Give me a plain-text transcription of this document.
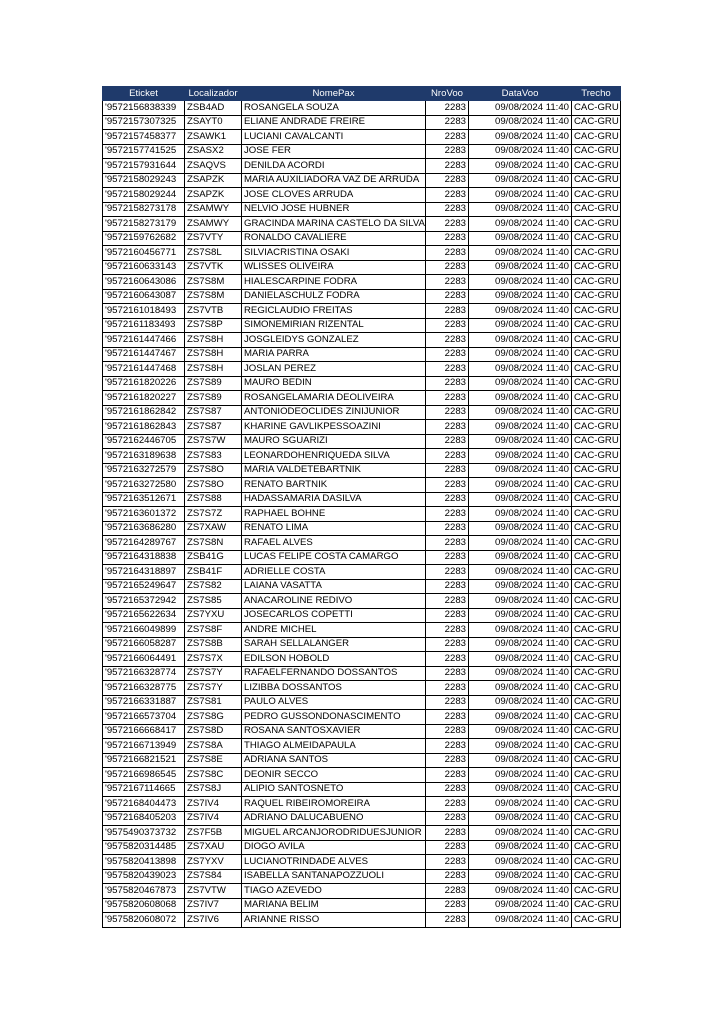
Eticket	Localizador	NomePax	NroVoo	DataVoo	Trecho
'9572156838339	ZSB4AD	ROSANGELA SOUZA	2283	09/08/2024 11:40	CAC-GRU
'9572157307325	ZSAYT0	ELIANE ANDRADE FREIRE	2283	09/08/2024 11:40	CAC-GRU
'9572157458377	ZSAWK1	LUCIANI CAVALCANTI	2283	09/08/2024 11:40	CAC-GRU
'9572157741525	ZSASX2	JOSE FER	2283	09/08/2024 11:40	CAC-GRU
'9572157931644	ZSAQVS	DENILDA ACORDI	2283	09/08/2024 11:40	CAC-GRU
'9572158029243	ZSAPZK	MARIA AUXILIADORA VAZ DE ARRUDA	2283	09/08/2024 11:40	CAC-GRU
'9572158029244	ZSAPZK	JOSE CLOVES ARRUDA	2283	09/08/2024 11:40	CAC-GRU
'9572158273178	ZSAMWY	NELVIO JOSE HUBNER	2283	09/08/2024 11:40	CAC-GRU
'9572158273179	ZSAMWY	GRACINDA MARINA CASTELO DA SILVA	2283	09/08/2024 11:40	CAC-GRU
'9572159762682	ZS7VTY	RONALDO CAVALIERE	2283	09/08/2024 11:40	CAC-GRU
'9572160456771	ZS7S8L	SILVIACRISTINA OSAKI	2283	09/08/2024 11:40	CAC-GRU
'9572160633143	ZS7VTK	WLISSES OLIVEIRA	2283	09/08/2024 11:40	CAC-GRU
'9572160643086	ZS7S8M	HIALESCARPINE FODRA	2283	09/08/2024 11:40	CAC-GRU
'9572160643087	ZS7S8M	DANIELASCHULZ FODRA	2283	09/08/2024 11:40	CAC-GRU
'9572161018493	ZS7VTB	REGICLAUDIO FREITAS	2283	09/08/2024 11:40	CAC-GRU
'9572161183493	ZS7S8P	SIMONEMIRIAN RIZENTAL	2283	09/08/2024 11:40	CAC-GRU
'9572161447466	ZS7S8H	JOSGLEIDYS GONZALEZ	2283	09/08/2024 11:40	CAC-GRU
'9572161447467	ZS7S8H	MARIA PARRA	2283	09/08/2024 11:40	CAC-GRU
'9572161447468	ZS7S8H	JOSLAN PEREZ	2283	09/08/2024 11:40	CAC-GRU
'9572161820226	ZS7S89	MAURO BEDIN	2283	09/08/2024 11:40	CAC-GRU
'9572161820227	ZS7S89	ROSANGELAMARIA DEOLIVEIRA	2283	09/08/2024 11:40	CAC-GRU
'9572161862842	ZS7S87	ANTONIODEOCLIDES ZINIJUNIOR	2283	09/08/2024 11:40	CAC-GRU
'9572161862843	ZS7S87	KHARINE GAVLIKPESSOAZINI	2283	09/08/2024 11:40	CAC-GRU
'9572162446705	ZS7S7W	MAURO SGUARIZI	2283	09/08/2024 11:40	CAC-GRU
'9572163189638	ZS7S83	LEONARDOHENRIQUEDA SILVA	2283	09/08/2024 11:40	CAC-GRU
'9572163272579	ZS7S8O	MARIA VALDETEBARTNIK	2283	09/08/2024 11:40	CAC-GRU
'9572163272580	ZS7S8O	RENATO BARTNIK	2283	09/08/2024 11:40	CAC-GRU
'9572163512671	ZS7S88	HADASSAMARIA DASILVA	2283	09/08/2024 11:40	CAC-GRU
'9572163601372	ZS7S7Z	RAPHAEL BOHNE	2283	09/08/2024 11:40	CAC-GRU
'9572163686280	ZS7XAW	RENATO LIMA	2283	09/08/2024 11:40	CAC-GRU
'9572164289767	ZS7S8N	RAFAEL ALVES	2283	09/08/2024 11:40	CAC-GRU
'9572164318838	ZSB41G	LUCAS FELIPE COSTA CAMARGO	2283	09/08/2024 11:40	CAC-GRU
'9572164318897	ZSB41F	ADRIELLE COSTA	2283	09/08/2024 11:40	CAC-GRU
'9572165249647	ZS7S82	LAIANA VASATTA	2283	09/08/2024 11:40	CAC-GRU
'9572165372942	ZS7S85	ANACAROLINE REDIVO	2283	09/08/2024 11:40	CAC-GRU
'9572165622634	ZS7YXU	JOSECARLOS COPETTI	2283	09/08/2024 11:40	CAC-GRU
'9572166049899	ZS7S8F	ANDRE MICHEL	2283	09/08/2024 11:40	CAC-GRU
'9572166058287	ZS7S8B	SARAH SELLALANGER	2283	09/08/2024 11:40	CAC-GRU
'9572166064491	ZS7S7X	EDILSON HOBOLD	2283	09/08/2024 11:40	CAC-GRU
'9572166328774	ZS7S7Y	RAFAELFERNANDO DOSSANTOS	2283	09/08/2024 11:40	CAC-GRU
'9572166328775	ZS7S7Y	LIZIBBA DOSSANTOS	2283	09/08/2024 11:40	CAC-GRU
'9572166331887	ZS7S81	PAULO ALVES	2283	09/08/2024 11:40	CAC-GRU
'9572166573704	ZS7S8G	PEDRO GUSSONDONASCIMENTO	2283	09/08/2024 11:40	CAC-GRU
'9572166668417	ZS7S8D	ROSANA SANTOSXAVIER	2283	09/08/2024 11:40	CAC-GRU
'9572166713949	ZS7S8A	THIAGO ALMEIDAPAULA	2283	09/08/2024 11:40	CAC-GRU
'9572166821521	ZS7S8E	ADRIANA SANTOS	2283	09/08/2024 11:40	CAC-GRU
'9572166986545	ZS7S8C	DEONIR SECCO	2283	09/08/2024 11:40	CAC-GRU
'9572167114665	ZS7S8J	ALIPIO SANTOSNETO	2283	09/08/2024 11:40	CAC-GRU
'9572168404473	ZS7IV4	RAQUEL RIBEIROMOREIRA	2283	09/08/2024 11:40	CAC-GRU
'9572168405203	ZS7IV4	ADRIANO DALUCABUENO	2283	09/08/2024 11:40	CAC-GRU
'9575490373732	ZS7F5B	MIGUEL ARCANJORODRIDUESJUNIOR	2283	09/08/2024 11:40	CAC-GRU
'9575820314485	ZS7XAU	DIOGO AVILA	2283	09/08/2024 11:40	CAC-GRU
'9575820413898	ZS7YXV	LUCIANOTRINDADE ALVES	2283	09/08/2024 11:40	CAC-GRU
'9575820439023	ZS7S84	ISABELLA SANTANAPOZZUOLI	2283	09/08/2024 11:40	CAC-GRU
'9575820467873	ZS7VTW	TIAGO AZEVEDO	2283	09/08/2024 11:40	CAC-GRU
'9575820608068	ZS7IV7	MARIANA BELIM	2283	09/08/2024 11:40	CAC-GRU
'9575820608072	ZS7IV6	ARIANNE RISSO	2283	09/08/2024 11:40	CAC-GRU
